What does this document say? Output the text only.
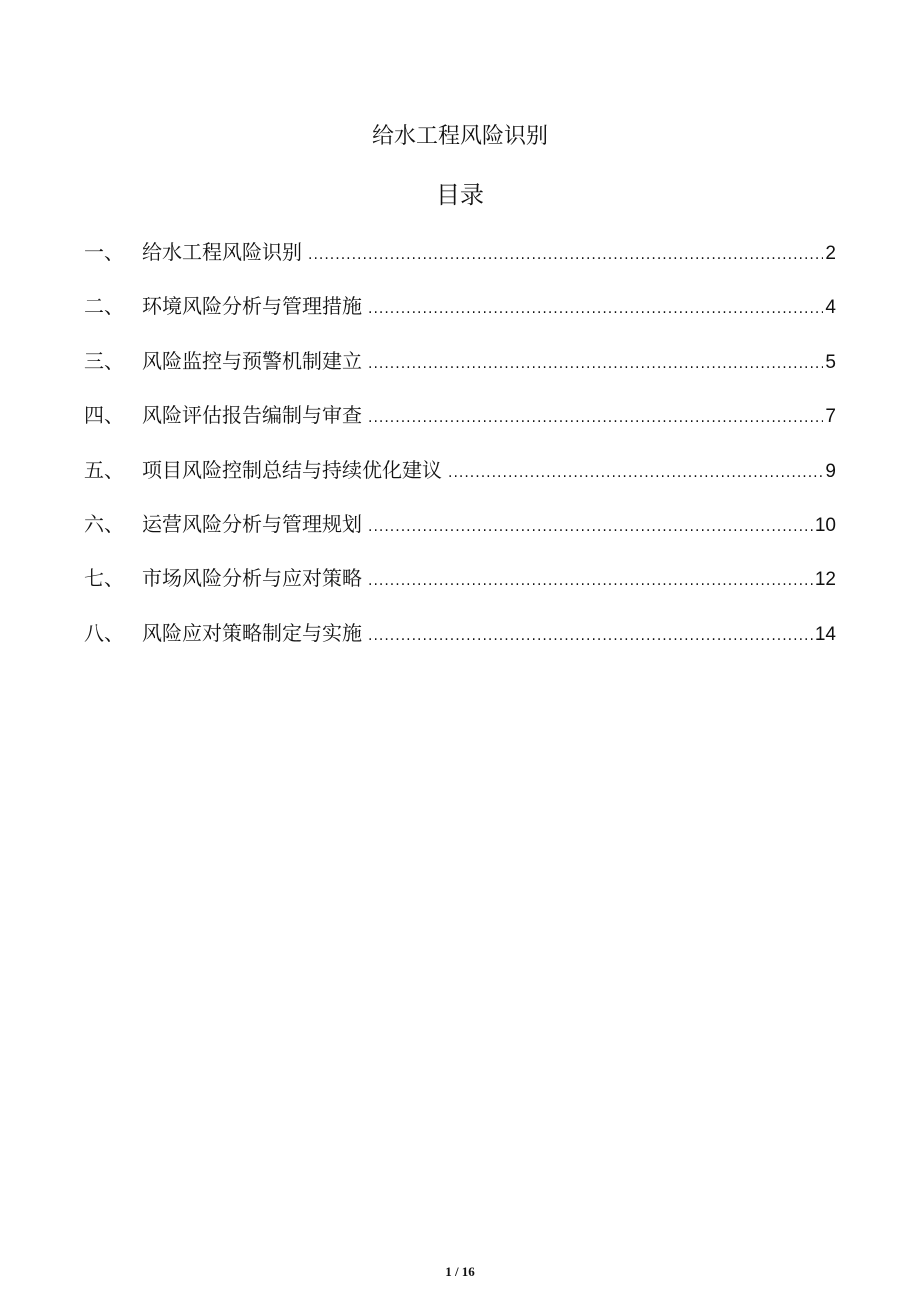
给水工程风险识别
目录
一、 给水工程风险识别 .....	2
二、 环境风险分析与管理措施 .....	4
三、 风险监控与预警机制建立 .....	5
四、 风险评估报告编制与审查 .....	7
五、 项目风险控制总结与持续优化建议 .....	9
六、 运营风险分析与管理规划 .....	10
七、 市场风险分析与应对策略 .....	12
八、 风险应对策略制定与实施 .....	14
1 / 16
